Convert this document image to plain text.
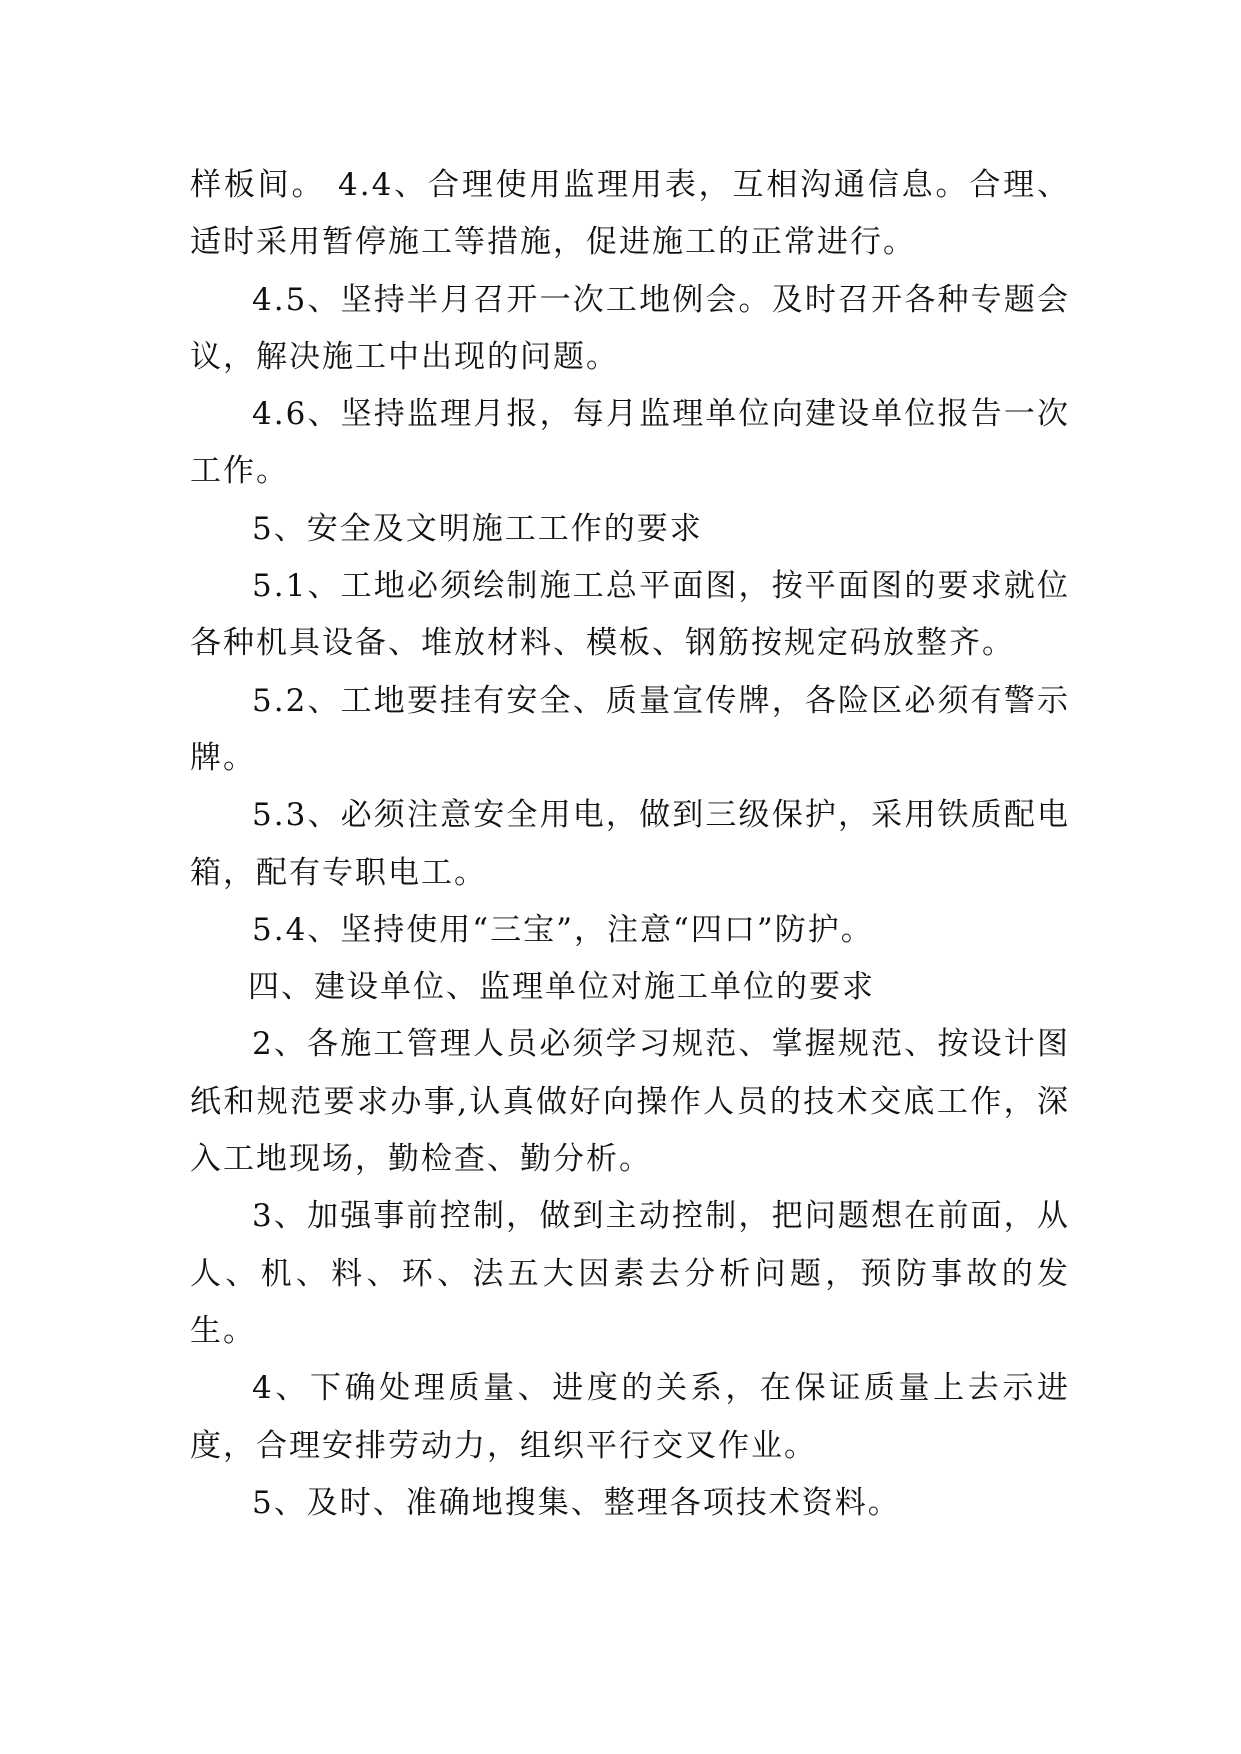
样板间。 4.4、合理使用监理用表，互相沟通信息。合理、适时采用暂停施工等措施，促进施工的正常进行。

4.5、坚持半月召开一次工地例会。及时召开各种专题会议，解决施工中出现的问题。

4.6、坚持监理月报，每月监理单位向建设单位报告一次工作。

5、安全及文明施工工作的要求

5.1、工地必须绘制施工总平面图，按平面图的要求就位各种机具设备、堆放材料、模板、钢筋按规定码放整齐。

5.2、工地要挂有安全、质量宣传牌，各险区必须有警示牌。

5.3、必须注意安全用电，做到三级保护，采用铁质配电箱，配有专职电工。

5.4、坚持使用“三宝”，注意“四口”防护。

四、建设单位、监理单位对施工单位的要求

2、各施工管理人员必须学习规范、掌握规范、按设计图纸和规范要求办事,认真做好向操作人员的技术交底工作，深入工地现场，勤检查、勤分析。

3、加强事前控制，做到主动控制，把问题想在前面，从人、机、料、环、法五大因素去分析问题，预防事故的发生。

4、下确处理质量、进度的关系，在保证质量上去示进度，合理安排劳动力，组织平行交叉作业。

5、及时、准确地搜集、整理各项技术资料。
